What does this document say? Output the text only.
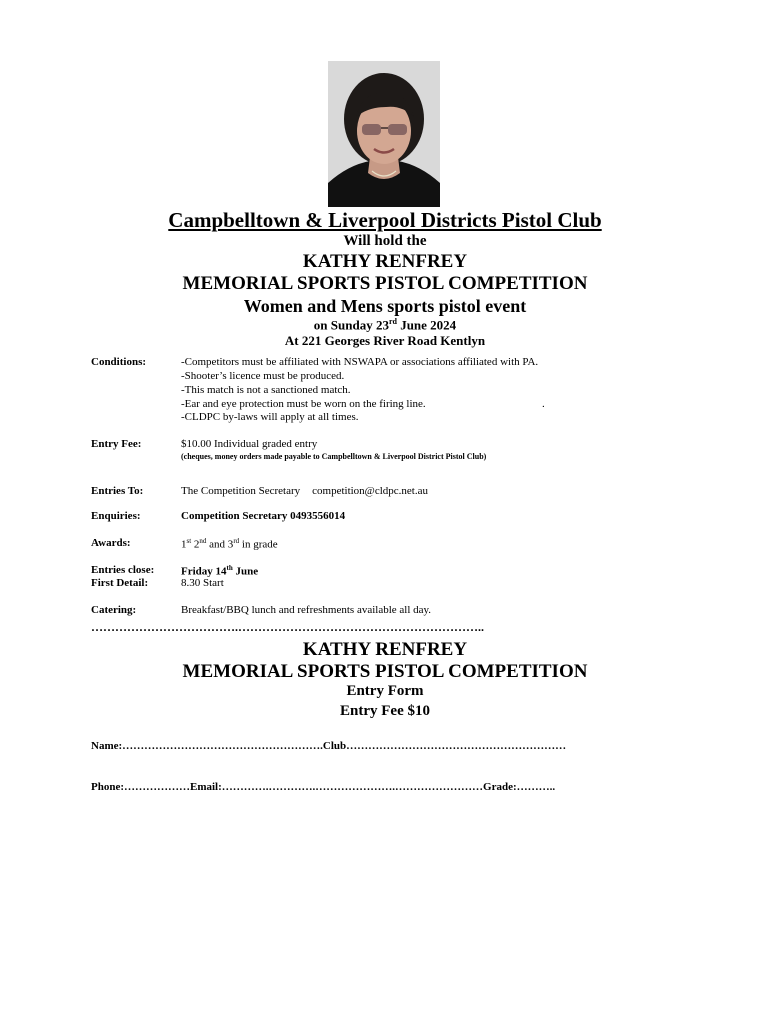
Campbelltown & Liverpool Districts Pistol Club
Will hold the
KATHY RENFREY
MEMORIAL SPORTS PISTOL COMPETITION
Women and Mens sports pistol event
on Sunday 23rd June 2024
At 221 Georges River Road Kentlyn
Conditions:	-Competitors must be affiliated with NSWAPA or associations affiliated with PA.
-Shooter’s licence must be produced.
-This match is not a sanctioned match.
-Ear and eye protection must be worn on the firing line.	.
-CLDPC by-laws will apply at all times.
Entry Fee:	$10.00 Individual graded entry
(cheques, money orders made payable to Campbelltown & Liverpool District Pistol Club)
Entries To:	The Competition Secretary competition@cldpc.net.au
Enquiries:	Competition Secretary 0493556014
Awards:	1st 2nd and 3rd in grade
Entries close: Friday 14th June
First Detail:	8.30 Start
Catering:	Breakfast/BBQ lunch and refreshments available all day.
……………………………….……………………………………………………..
KATHY RENFREY
MEMORIAL SPORTS PISTOL COMPETITION
Entry Form
Entry Fee $10
Name:……………………………………………….Club……………………………………………………
Phone:………………Email:………….………….………………….……………………Grade:………..
